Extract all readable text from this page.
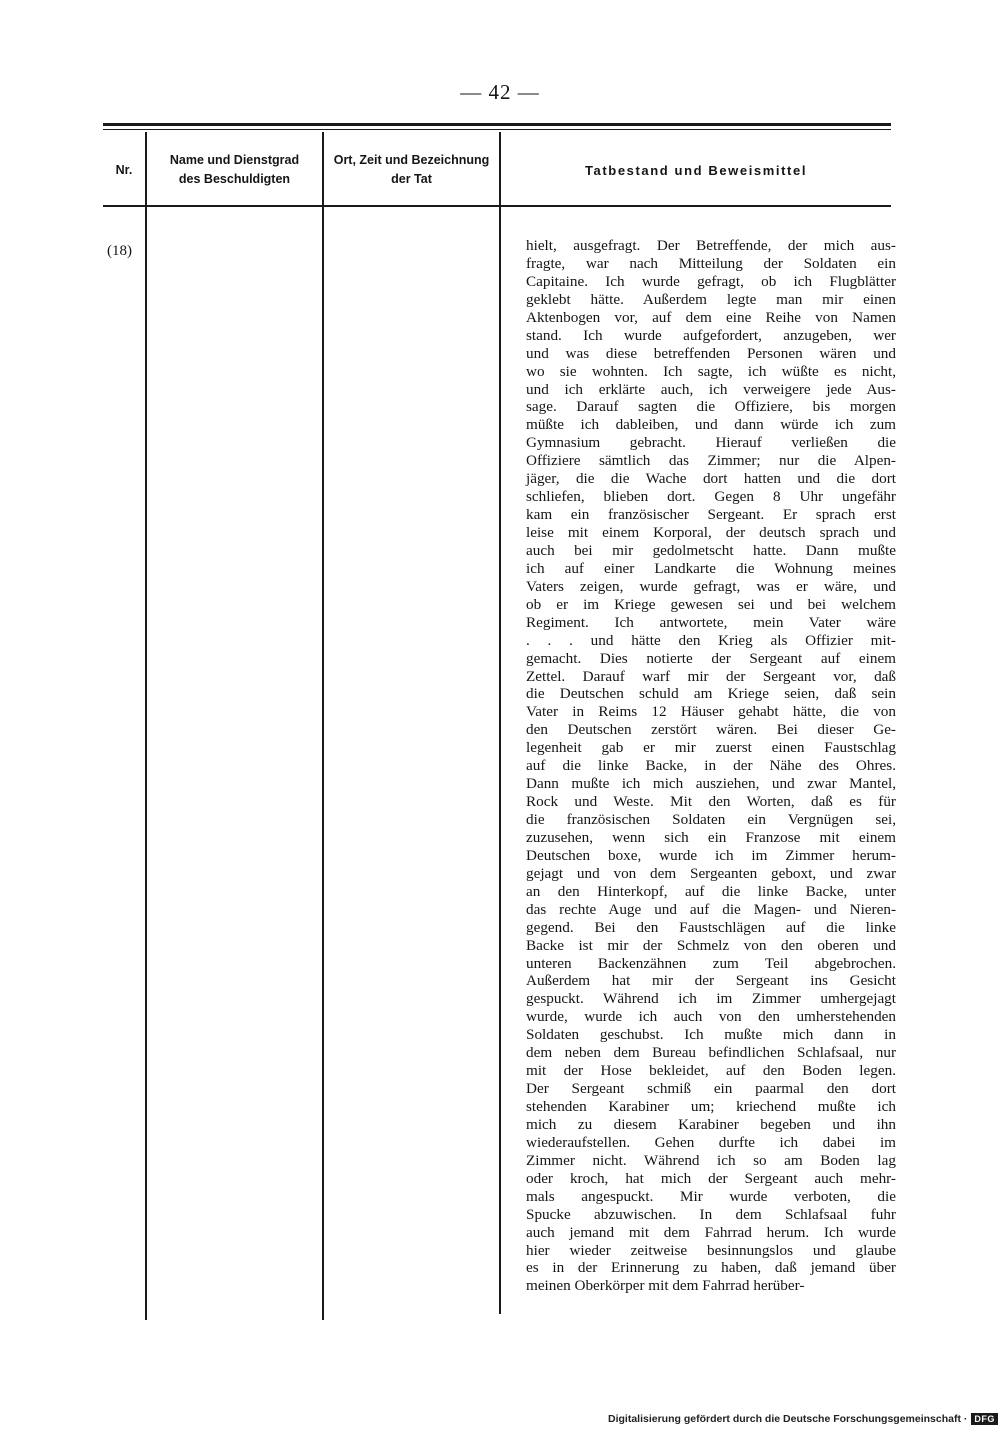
— 42 —
Nr.
Name und Dienstgrad
des Beschuldigten
Ort, Zeit und Bezeichnung
der Tat
Tatbestand und Beweismittel
(18)	hielt, ausgefragt. Der Betreffende, der mich aus-
fragte, war nach Mitteilung der Soldaten ein
Capitaine. Ich wurde gefragt, ob ich Flugblätter
geklebt hätte. Außerdem legte man mir einen
Aktenbogen vor, auf dem eine Reihe von Namen
stand. Ich wurde aufgefordert, anzugeben, wer
und was diese betreffenden Personen wären und
wo sie wohnten. Ich sagte, ich wüßte es nicht,
und ich erklärte auch, ich verweigere jede Aus-
sage. Darauf sagten die Offiziere, bis morgen
müßte ich dableiben, und dann würde ich zum
Gymnasium gebracht. Hierauf verließen die
Offiziere sämtlich das Zimmer; nur die Alpen-
jäger, die die Wache dort hatten und die dort
schliefen, blieben dort. Gegen 8 Uhr ungefähr
kam ein französischer Sergeant. Er sprach erst
leise mit einem Korporal, der deutsch sprach und
auch bei mir gedolmetscht hatte. Dann mußte
ich auf einer Landkarte die Wohnung meines
Vaters zeigen, wurde gefragt, was er wäre, und
ob er im Kriege gewesen sei und bei welchem
Regiment. Ich antwortete, mein Vater wäre
. . . und hätte den Krieg als Offizier mit-
gemacht. Dies notierte der Sergeant auf einem
Zettel. Darauf warf mir der Sergeant vor, daß
die Deutschen schuld am Kriege seien, daß sein
Vater in Reims 12 Häuser gehabt hätte, die von
den Deutschen zerstört wären. Bei dieser Ge-
legenheit gab er mir zuerst einen Faustschlag
auf die linke Backe, in der Nähe des Ohres.
Dann mußte ich mich ausziehen, und zwar Mantel,
Rock und Weste. Mit den Worten, daß es für
die französischen Soldaten ein Vergnügen sei,
zuzusehen, wenn sich ein Franzose mit einem
Deutschen boxe, wurde ich im Zimmer herum-
gejagt und von dem Sergeanten geboxt, und zwar
an den Hinterkopf, auf die linke Backe, unter
das rechte Auge und auf die Magen- und Nieren-
gegend. Bei den Faustschlägen auf die linke
Backe ist mir der Schmelz von den oberen und
unteren Backenzähnen zum Teil abgebrochen.
Außerdem hat mir der Sergeant ins Gesicht
gespuckt. Während ich im Zimmer umhergejagt
wurde, wurde ich auch von den umherstehenden
Soldaten geschubst. Ich mußte mich dann in
dem neben dem Bureau befindlichen Schlafsaal, nur
mit der Hose bekleidet, auf den Boden legen.
Der Sergeant schmiß ein paarmal den dort
stehenden Karabiner um; kriechend mußte ich
mich zu diesem Karabiner begeben und ihn
wiederaufstellen. Gehen durfte ich dabei im
Zimmer nicht. Während ich so am Boden lag
oder kroch, hat mich der Sergeant auch mehr-
mals angespuckt. Mir wurde verboten, die
Spucke abzuwischen. In dem Schlafsaal fuhr
auch jemand mit dem Fahrrad herum. Ich wurde
hier wieder zeitweise besinnungslos und glaube
es in der Erinnerung zu haben, daß jemand über
meinen Oberkörper mit dem Fahrrad herüber-
Digitalisierung gefördert durch die Deutsche Forschungsgemeinschaft · DFG
